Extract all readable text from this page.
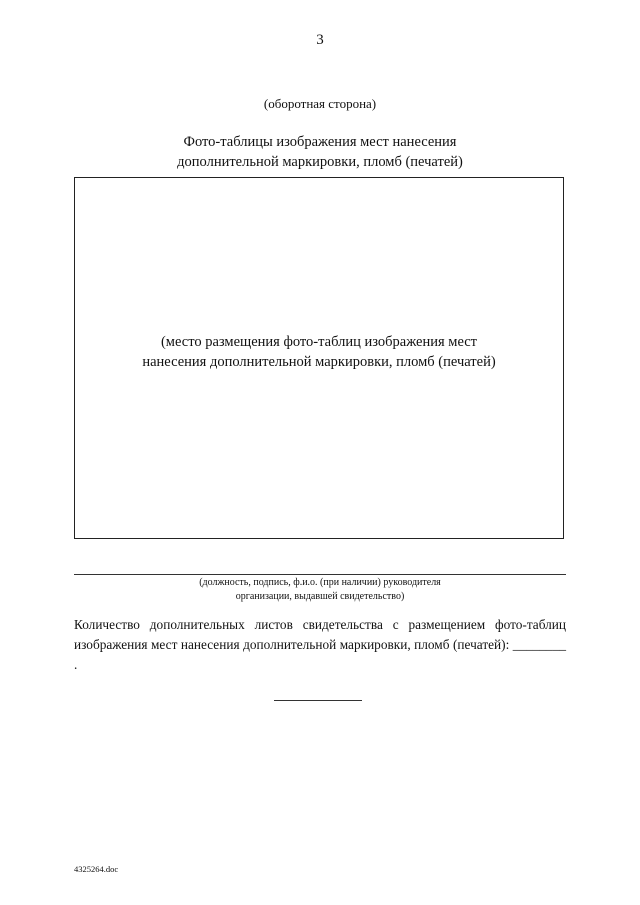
3
(оборотная сторона)
Фото-таблицы изображения мест нанесения
дополнительной маркировки, пломб (печатей)
(место размещения фото-таблиц изображения мест
нанесения дополнительной маркировки, пломб (печатей)
(должность, подпись, ф.и.о. (при наличии) руководителя
организации, выдавшей свидетельство)
Количество дополнительных листов свидетельства с размещением фото-таблиц изображения мест нанесения дополнительной маркировки, пломб (печатей): ________ .
4325264.doc
